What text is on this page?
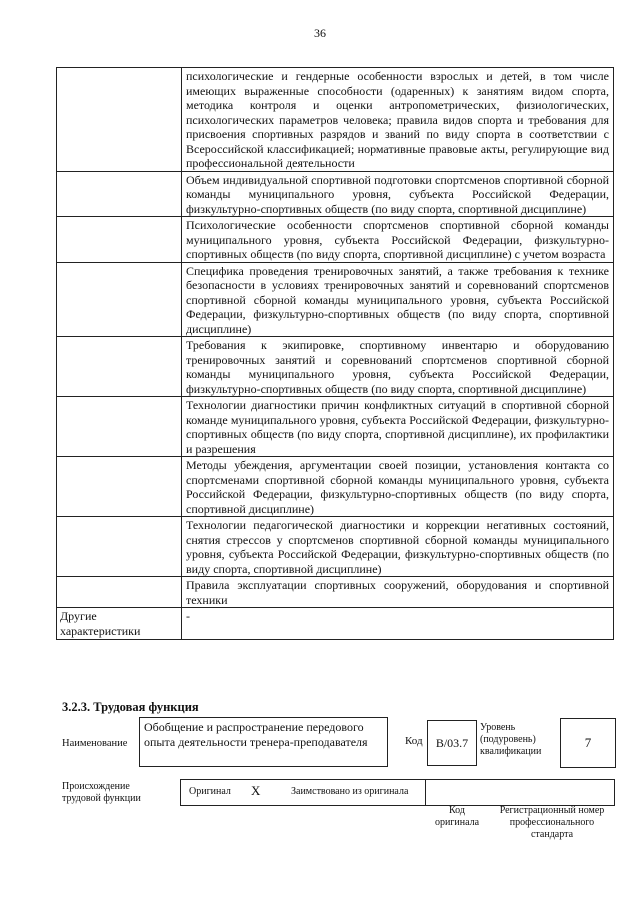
36
	психологические и гендерные особенности взрослых и детей, в том числе имеющих выраженные способности (одаренных) к занятиям видом спорта, методика контроля и оценки антропометрических, физиологических, психологических параметров человека; правила видов спорта и требования для присвоения спортивных разрядов и званий по виду спорта в соответствии с Всероссийской классификацией; нормативные правовые акты, регулирующие вид профессиональной деятельности
	Объем индивидуальной спортивной подготовки спортсменов спортивной сборной команды муниципального уровня, субъекта Российской Федерации, физкультурно-спортивных обществ (по виду спорта, спортивной дисциплине)
	Психологические особенности спортсменов спортивной сборной команды муниципального уровня, субъекта Российской Федерации, физкультурно-спортивных обществ (по виду спорта, спортивной дисциплине) с учетом возраста
	Специфика проведения тренировочных занятий, а также требования к технике безопасности в условиях тренировочных занятий и соревнований спортсменов спортивной сборной команды муниципального уровня, субъекта Российской Федерации, физкультурно-спортивных обществ (по виду спорта, спортивной дисциплине)
	Требования к экипировке, спортивному инвентарю и оборудованию тренировочных занятий и соревнований спортсменов спортивной сборной команды муниципального уровня, субъекта Российской Федерации, физкультурно-спортивных обществ (по виду спорта, спортивной дисциплине)
	Технологии диагностики причин конфликтных ситуаций в спортивной сборной команде муниципального уровня, субъекта Российской Федерации, физкультурно-спортивных обществ (по виду спорта, спортивной дисциплине), их профилактики и разрешения
	Методы убеждения, аргументации своей позиции, установления контакта со спортсменами спортивной сборной команды муниципального уровня, субъекта Российской Федерации, физкультурно-спортивных обществ (по виду спорта, спортивной дисциплине)
	Технологии педагогической диагностики и коррекции негативных состояний, снятия стрессов у спортсменов спортивной сборной команды муниципального уровня, субъекта Российской Федерации, физкультурно-спортивных обществ (по виду спорта, спортивной дисциплине)
	Правила эксплуатации спортивных сооружений, оборудования и спортивной техники
Другие характеристики	-
3.2.3. Трудовая функция
Наименование
Обобщение и распространение передового опыта деятельности тренера-преподавателя	Код	B/03.7
Уровень (подуровень) квалификации
7
Происхождение трудовой функции
Оригинал X	Заимствовано из оригинала
Код оригинала
Регистрационный номер профессионального стандарта
